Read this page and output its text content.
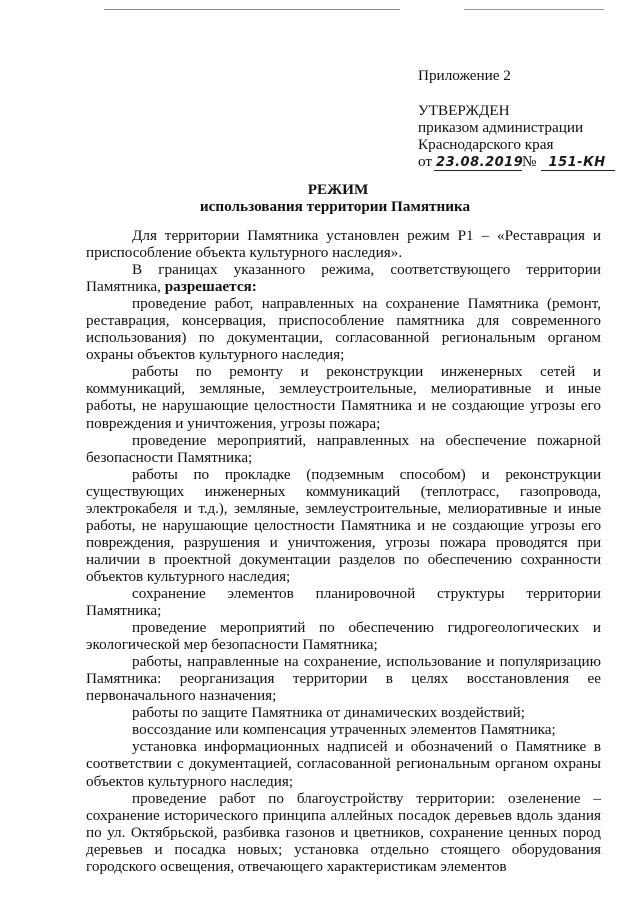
Приложение 2
УТВЕРЖДЕН
приказом администрации
Краснодарского края
от 23.08.2019
№ 151-КН
РЕЖИМ
использования территории Памятника

Для территории Памятника установлен режим Р1 – «Реставрация и приспособление объекта культурного наследия».

В границах указанного режима, соответствующего территории Памятника, разрешается:

проведение работ, направленных на сохранение Памятника (ремонт, реставрация, консервация, приспособление памятника для современного использования) по документации, согласованной региональным органом охраны объектов культурного наследия;

работы по ремонту и реконструкции инженерных сетей и коммуникаций, земляные, землеустроительные, мелиоративные и иные работы, не нарушающие целостности Памятника и не создающие угрозы его повреждения и уничтожения, угрозы пожара;

проведение мероприятий, направленных на обеспечение пожарной безопасности Памятника;

работы по прокладке (подземным способом) и реконструкции существующих инженерных коммуникаций (теплотрасс, газопровода, электрокабеля и т.д.), земляные, землеустроительные, мелиоративные и иные работы, не нарушающие целостности Памятника и не создающие угрозы его повреждения, разрушения и уничтожения, угрозы пожара проводятся при наличии в проектной документации разделов по обеспечению сохранности объектов культурного наследия;

сохранение элементов планировочной структуры территории Памятника;

проведение мероприятий по обеспечению гидрогеологических и экологической мер безопасности Памятника;

работы, направленные на сохранение, использование и популяризацию Памятника: реорганизация территории в целях восстановления ее первоначального назначения;

работы по защите Памятника от динамических воздействий;

воссоздание или компенсация утраченных элементов Памятника;

установка информационных надписей и обозначений о Памятнике в соответствии с документацией, согласованной региональным органом охраны объектов культурного наследия;

проведение работ по благоустройству территории: озеленение – сохранение исторического принципа аллейных посадок деревьев вдоль здания по ул. Октябрьской, разбивка газонов и цветников, сохранение ценных пород деревьев и посадка новых; установка отдельно стоящего оборудования городского освещения, отвечающего характеристикам элементов
